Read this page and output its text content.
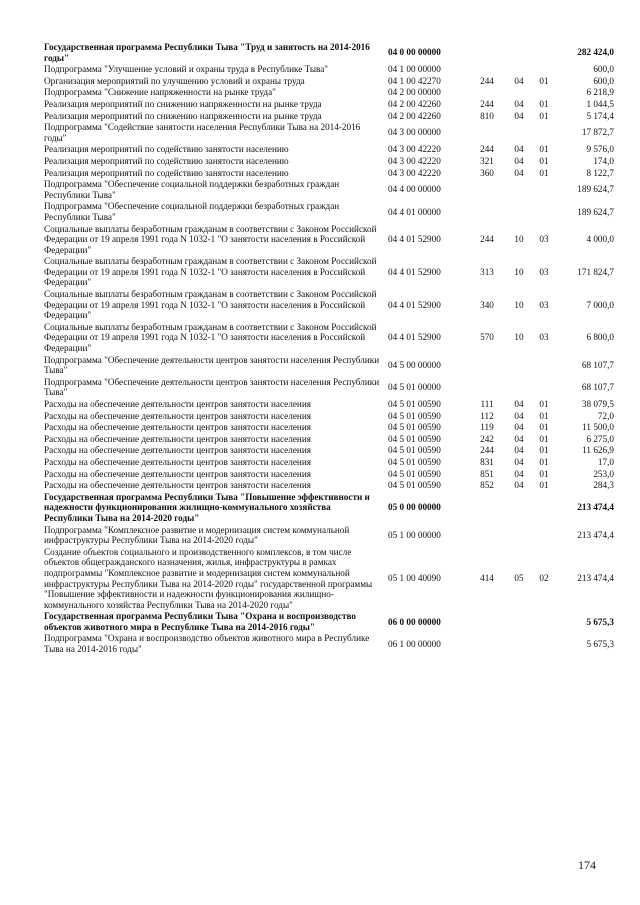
Государственная программа Республики Тыва "Труд и занятость на 2014-2016 годы"	04 0 00 00000				282 424,0
Подпрограмма "Улучшение условий и охраны труда в Республике Тыва"	04 1 00 00000				600,0
Организация мероприятий по улучшению условий и охраны труда	04 1 00 42270	244	04	01	600,0
Подпрограмма "Снижение напряженности на рынке труда"	04 2 00 00000				6 218,9
Реализация мероприятий по снижению напряженности на рынке труда	04 2 00 42260	244	04	01	1 044,5
Реализация мероприятий по снижению напряженности на рынке труда	04 2 00 42260	810	04	01	5 174,4
Подпрограмма "Содействие занятости населения Республики Тыва на 2014-2016 годы"	04 3 00 00000				17 872,7
Реализация мероприятий по содействию занятости населению	04 3 00 42220	244	04	01	9 576,0
Реализация мероприятий по содействию занятости населению	04 3 00 42220	321	04	01	174,0
Реализация мероприятий по содействию занятости населению	04 3 00 42220	360	04	01	8 122,7
Подпрограмма "Обеспечение социальной поддержки безработных граждан Республики Тыва"	04 4 00 00000				189 624,7
Подпрограмма "Обеспечение социальной поддержки безработных граждан Республики Тыва"	04 4 01 00000				189 624,7
Социальные выплаты безработным гражданам в соответствии с Законом Российской Федерации от 19 апреля 1991 года N 1032-1 "О занятости населения в Российской Федерации"	04 4 01 52900	244	10	03	4 000,0
Социальные выплаты безработным гражданам в соответствии с Законом Российской Федерации от 19 апреля 1991 года N 1032-1 "О занятости населения в Российской Федерации"	04 4 01 52900	313	10	03	171 824,7
Социальные выплаты безработным гражданам в соответствии с Законом Российской Федерации от 19 апреля 1991 года N 1032-1 "О занятости населения в Российской Федерации"	04 4 01 52900	340	10	03	7 000,0
Социальные выплаты безработным гражданам в соответствии с Законом Российской Федерации от 19 апреля 1991 года N 1032-1 "О занятости населения в Российской Федерации"	04 4 01 52900	570	10	03	6 800,0
Подпрограмма "Обеспечение деятельности центров занятости населения Республики Тыва"	04 5 00 00000				68 107,7
Подпрограмма "Обеспечение деятельности центров занятости населения Республики Тыва"	04 5 01 00000				68 107,7
Расходы на обеспечение деятельности центров занятости населения	04 5 01 00590	111	04	01	38 079,5
Расходы на обеспечение деятельности центров занятости населения	04 5 01 00590	112	04	01	72,0
Расходы на обеспечение деятельности центров занятости населения	04 5 01 00590	119	04	01	11 500,0
Расходы на обеспечение деятельности центров занятости населения	04 5 01 00590	242	04	01	6 275,0
Расходы на обеспечение деятельности центров занятости населения	04 5 01 00590	244	04	01	11 626,9
Расходы на обеспечение деятельности центров занятости населения	04 5 01 00590	831	04	01	17,0
Расходы на обеспечение деятельности центров занятости населения	04 5 01 00590	851	04	01	253,0
Расходы на обеспечение деятельности центров занятости населения	04 5 01 00590	852	04	01	284,3
Государственная программа Республики Тыва "Повышение эффективности и надежности функционирования жилищно-коммунального хозяйства Республики Тыва на 2014-2020 годы"	05 0 00 00000				213 474,4
Подпрограмма "Комплексное развитие и модернизация систем коммунальной инфраструктуры Республики Тыва на 2014-2020 годы"	05 1 00 00000				213 474,4
Создание объектов социального и производственного комплексов, в том числе объектов общегражданского назначения, жилья, инфраструктуры в рамках подпрограммы "Комплексное развитие и модернизация систем коммунальной инфраструктуры Республики Тыва на 2014-2020 годы" государственной программы "Повышение эффективности и надежности функционирования жилищно-коммунального хозяйства Республики Тыва на 2014-2020 годы"	05 1 00 40090	414	05	02	213 474,4
Государственная программа Республики Тыва "Охрана и воспроизводство объектов животного мира в Республике Тыва на 2014-2016 годы"	06 0 00 00000				5 675,3
Подпрограмма "Охрана и воспроизводство объектов животного мира в Республике Тыва на 2014-2016 годы"	06 1 00 00000				5 675,3
174
